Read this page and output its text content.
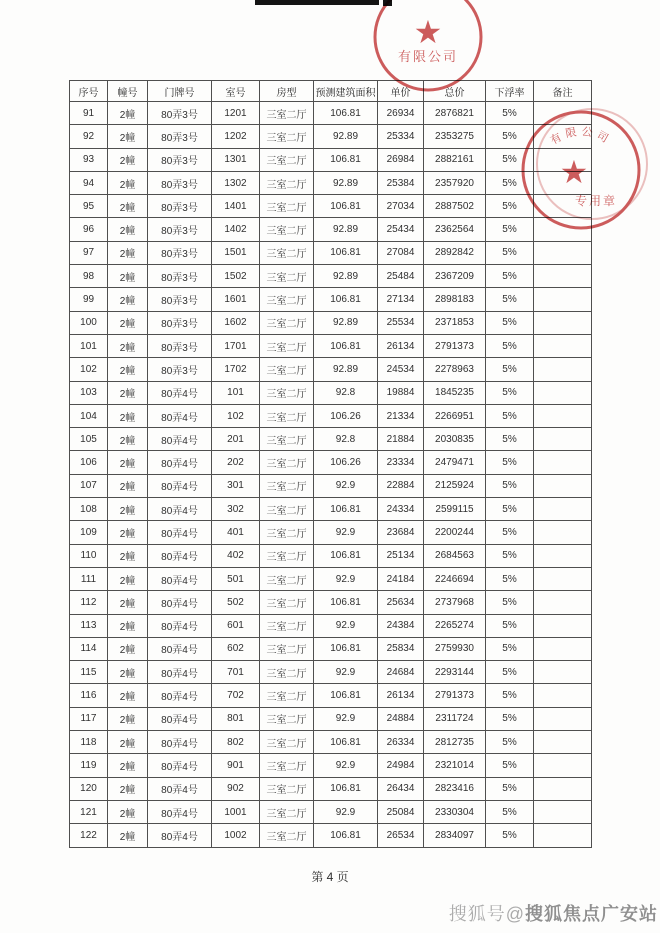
序号	幢号	门牌号	室号	房型	预测建筑面积	单价	总价	下浮率	备注
91	2幢	80弄3号	1201	三室二厅	106.81	26934	2876821	5%	
92	2幢	80弄3号	1202	三室二厅	92.89	25334	2353275	5%	
93	2幢	80弄3号	1301	三室二厅	106.81	26984	2882161	5%	
94	2幢	80弄3号	1302	三室二厅	92.89	25384	2357920	5%	
95	2幢	80弄3号	1401	三室二厅	106.81	27034	2887502	5%	
96	2幢	80弄3号	1402	三室二厅	92.89	25434	2362564	5%	
97	2幢	80弄3号	1501	三室二厅	106.81	27084	2892842	5%	
98	2幢	80弄3号	1502	三室二厅	92.89	25484	2367209	5%	
99	2幢	80弄3号	1601	三室二厅	106.81	27134	2898183	5%	
100	2幢	80弄3号	1602	三室二厅	92.89	25534	2371853	5%	
101	2幢	80弄3号	1701	三室二厅	106.81	26134	2791373	5%	
102	2幢	80弄3号	1702	三室二厅	92.89	24534	2278963	5%	
103	2幢	80弄4号	101	三室二厅	92.8	19884	1845235	5%	
104	2幢	80弄4号	102	三室二厅	106.26	21334	2266951	5%	
105	2幢	80弄4号	201	三室二厅	92.8	21884	2030835	5%	
106	2幢	80弄4号	202	三室二厅	106.26	23334	2479471	5%	
107	2幢	80弄4号	301	三室二厅	92.9	22884	2125924	5%	
108	2幢	80弄4号	302	三室二厅	106.81	24334	2599115	5%	
109	2幢	80弄4号	401	三室二厅	92.9	23684	2200244	5%	
110	2幢	80弄4号	402	三室二厅	106.81	25134	2684563	5%	
111	2幢	80弄4号	501	三室二厅	92.9	24184	2246694	5%	
112	2幢	80弄4号	502	三室二厅	106.81	25634	2737968	5%	
113	2幢	80弄4号	601	三室二厅	92.9	24384	2265274	5%	
114	2幢	80弄4号	602	三室二厅	106.81	25834	2759930	5%	
115	2幢	80弄4号	701	三室二厅	92.9	24684	2293144	5%	
116	2幢	80弄4号	702	三室二厅	106.81	26134	2791373	5%	
117	2幢	80弄4号	801	三室二厅	92.9	24884	2311724	5%	
118	2幢	80弄4号	802	三室二厅	106.81	26334	2812735	5%	
119	2幢	80弄4号	901	三室二厅	92.9	24984	2321014	5%	
120	2幢	80弄4号	902	三室二厅	106.81	26434	2823416	5%	
121	2幢	80弄4号	1001	三室二厅	92.9	25084	2330304	5%	
122	2幢	80弄4号	1002	三室二厅	106.81	26534	2834097	5%	
第 4 页
搜狐号@搜狐焦点广安站
★
有限公司
有限公司
★
专用章
